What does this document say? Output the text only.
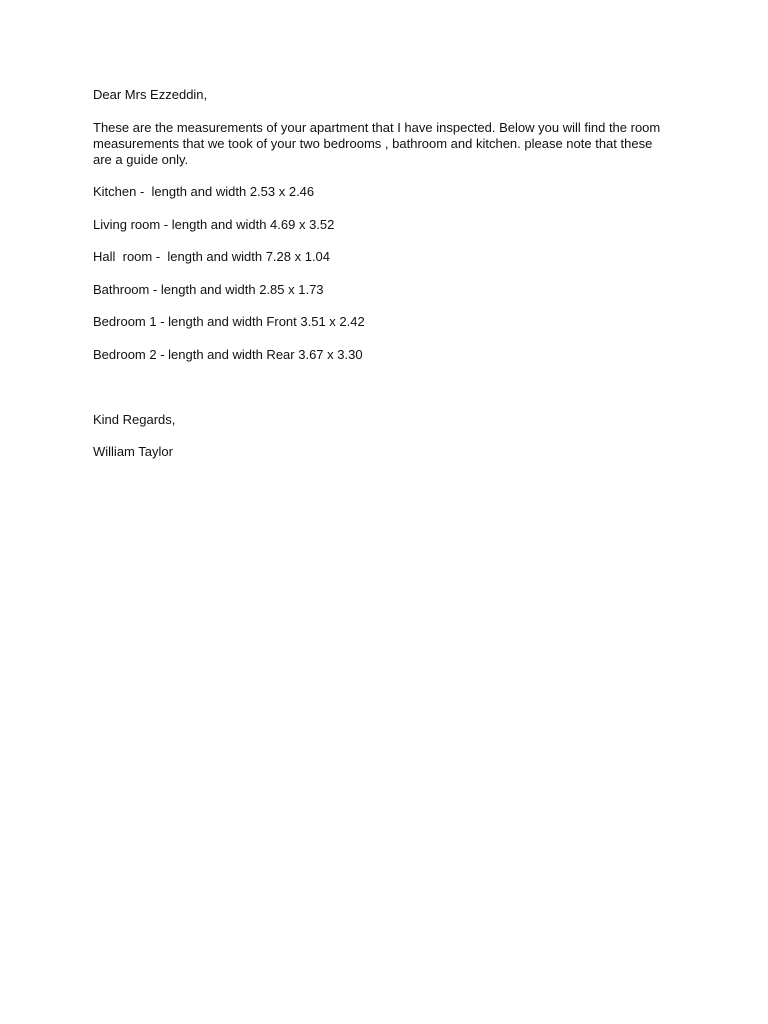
Dear Mrs Ezzeddin,

These are the measurements of your apartment that I have inspected. Below you will find the room measurements that we took of your two bedrooms , bathroom and kitchen. please note that these are a guide only.

Kitchen -  length and width 2.53 x 2.46

Living room - length and width 4.69 x 3.52

Hall  room -  length and width 7.28 x 1.04

Bathroom - length and width 2.85 x 1.73

Bedroom 1 - length and width Front 3.51 x 2.42

Bedroom 2 - length and width Rear 3.67 x 3.30

Kind Regards,

William Taylor
